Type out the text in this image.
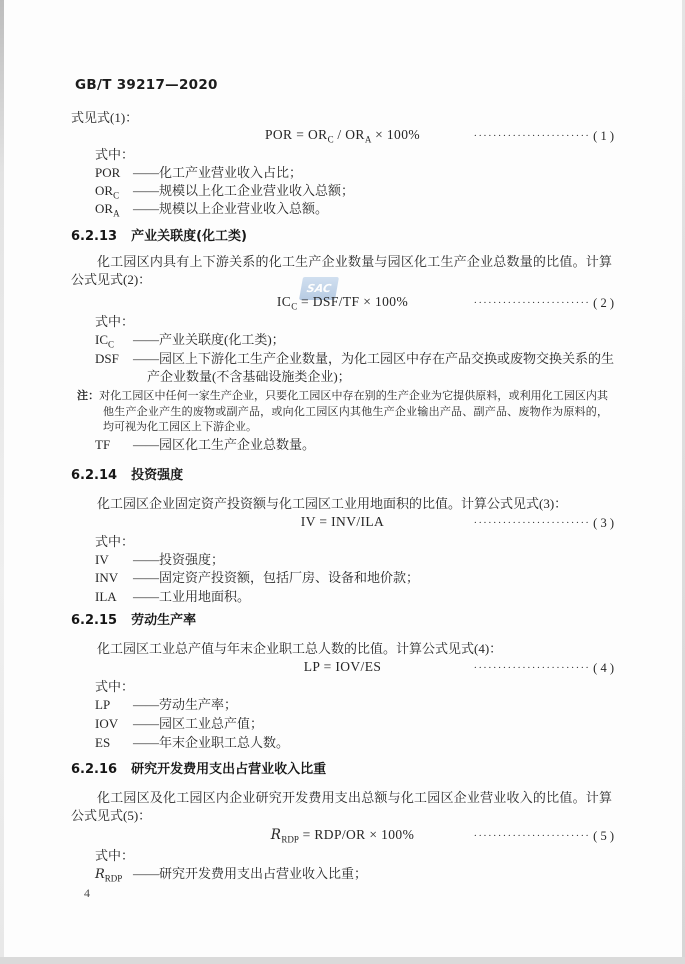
GB/T 39217—2020
式见式(1)：
POR = $OR_C / OR_A \times 100\%$	························ ( 1 )
式中：
POR ——化工产业营业收入占比；
$OR_C$ ——规模以上化工企业营业收入总额；
$OR_A$ ——规模以上企业营业收入总额。
6.2.13 产业关联度(化工类)
化工园区内具有上下游关系的化工生产企业数量与园区化工生产企业总数量的比值。计算公式见式(2)：
SAC
$IC_C = DSF/TF \times 100\%$	························ ( 2 )
式中：
$IC_C$ ——产业关联度(化工类)；
DSF ——园区上下游化工生产企业数量，为化工园区中存在产品交换或废物交换关系的生产企业数量(不含基础设施类企业)；
注：对化工园区中任何一家生产企业，只要化工园区中存在别的生产企业为它提供原料，或利用化工园区内其他生产企业产生的废物或副产品，或向化工园区内其他生产企业输出产品、副产品、废物作为原料的，均可视为化工园区上下游企业。
TF ——园区化工生产企业总数量。
6.2.14 投资强度
化工园区企业固定资产投资额与化工园区工业用地面积的比值。计算公式见式(3)：
IV = INV/ILA	························ ( 3 )
式中：
IV ——投资强度；
INV ——固定资产投资额，包括厂房、设备和地价款；
ILA ——工业用地面积。
6.2.15 劳动生产率
化工园区工业总产值与年末企业职工总人数的比值。计算公式见式(4)：
LP = IOV/ES	························ ( 4 )
式中：
LP ——劳动生产率；
IOV ——园区工业总产值；
ES ——年末企业职工总人数。
6.2.16 研究开发费用支出占营业收入比重
化工园区及化工园区内企业研究开发费用支出总额与化工园区企业营业收入的比值。计算公式见式(5)：
$R_{RDP} = RDP/OR \times 100\%$	························ ( 5 )
式中：
$R_{RDP}$ ——研究开发费用支出占营业收入比重；
4
